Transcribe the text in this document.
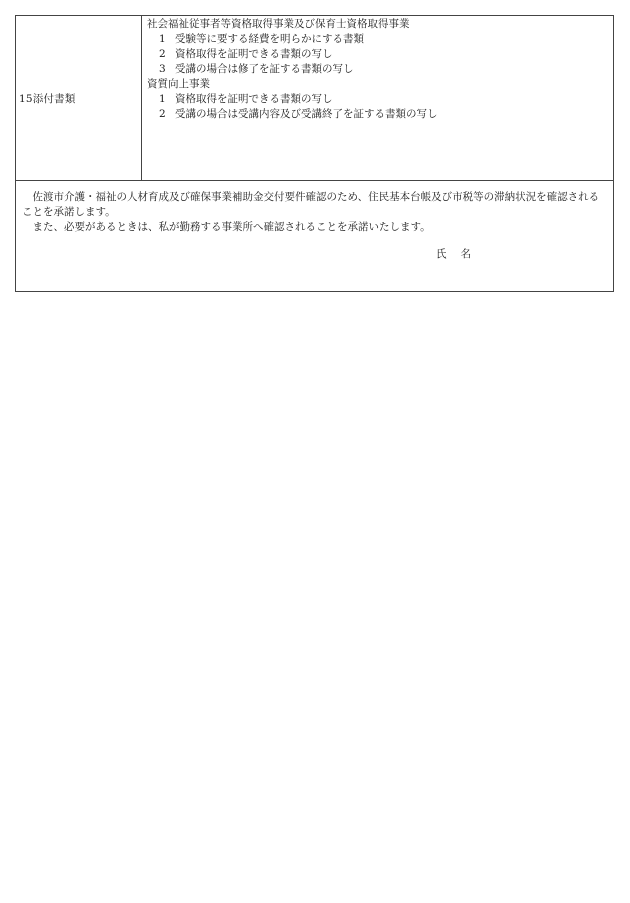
15添付書類
社会福祉従事者等資格取得事業及び保育士資格取得事業
1 受験等に要する経費を明らかにする書類
2 資格取得を証明できる書類の写し
3 受講の場合は修了を証する書類の写し
資質向上事業
1 資格取得を証明できる書類の写し
2 受講の場合は受講内容及び受講終了を証する書類の写し

佐渡市介護・福祉の人材育成及び確保事業補助金交付要件確認のため、住民基本台帳及び市税等の滞納状況を確認されることを承諾します。

また、必要があるときは、私が勤務する事業所へ確認されることを承諾いたします。

氏名
